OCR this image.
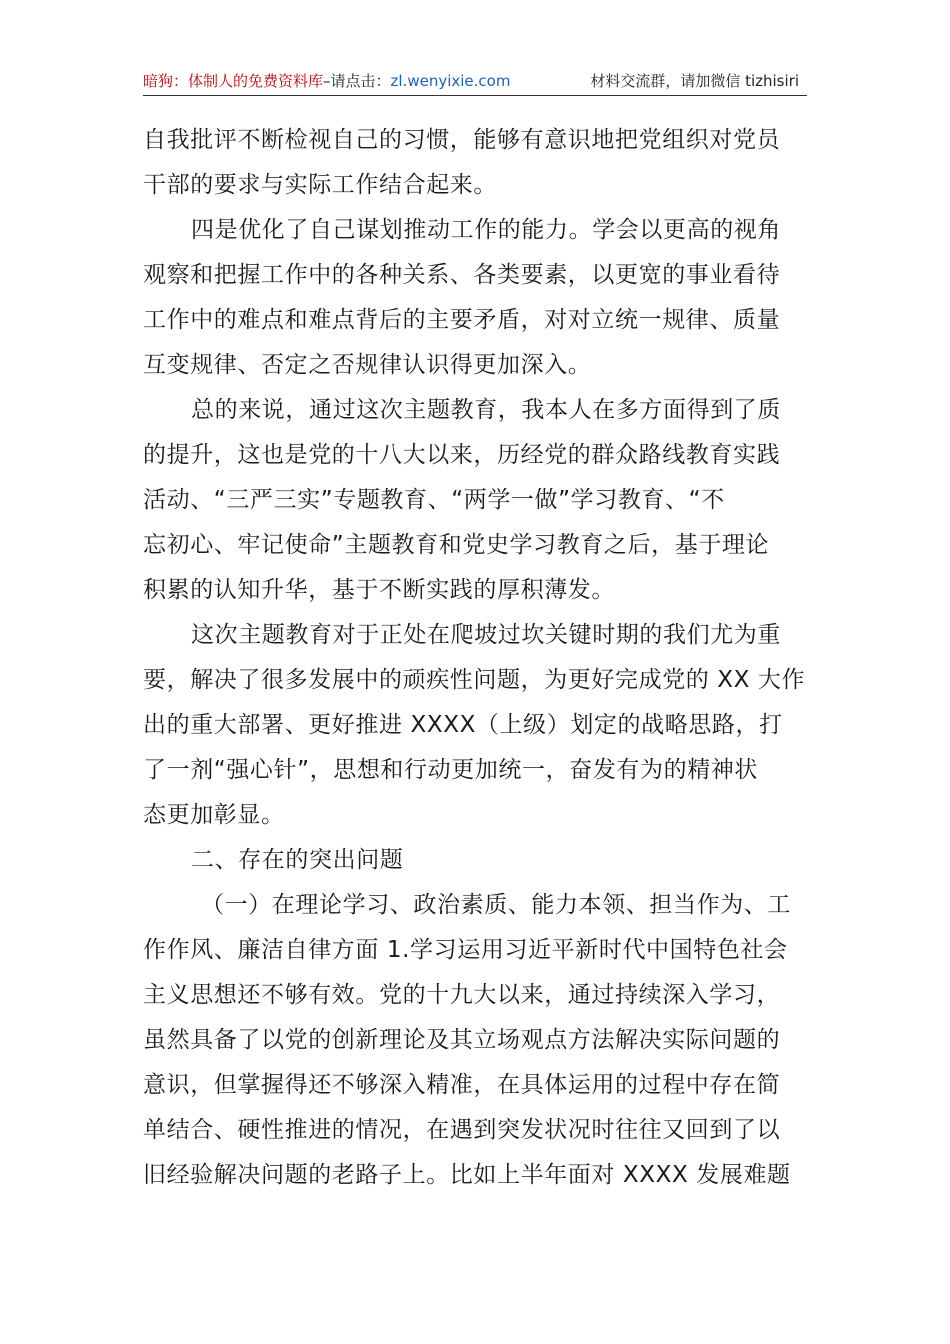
暗狗：体制人的免费资料库–请点击：zl.wenyixie.com	材料交流群，请加微信 tizhisiri
自我批评不断检视自己的习惯，能够有意识地把党组织对党员
干部的要求与实际工作结合起来。
四是优化了自己谋划推动工作的能力。学会以更高的视角
观察和把握工作中的各种关系、各类要素，以更宽的事业看待
工作中的难点和难点背后的主要矛盾，对对立统一规律、质量
互变规律、否定之否规律认识得更加深入。
总的来说，通过这次主题教育，我本人在多方面得到了质
的提升，这也是党的十八大以来，历经党的群众路线教育实践
活动、“三严三实”专题教育、“两学一做”学习教育、“不
忘初心、牢记使命”主题教育和党史学习教育之后，基于理论
积累的认知升华，基于不断实践的厚积薄发。
这次主题教育对于正处在爬坡过坎关键时期的我们尤为重
要，解决了很多发展中的顽疾性问题，为更好完成党的 XX 大作
出的重大部署、更好推进 XXXX（上级）划定的战略思路，打
了一剂“强心针”，思想和行动更加统一，奋发有为的精神状
态更加彰显。
二、存在的突出问题
（一）在理论学习、政治素质、能力本领、担当作为、工
作作风、廉洁自律方面 1.学习运用习近平新时代中国特色社会
主义思想还不够有效。党的十九大以来，通过持续深入学习，
虽然具备了以党的创新理论及其立场观点方法解决实际问题的
意识，但掌握得还不够深入精准，在具体运用的过程中存在简
单结合、硬性推进的情况，在遇到突发状况时往往又回到了以
旧经验解决问题的老路子上。比如上半年面对 XXXX 发展难题
